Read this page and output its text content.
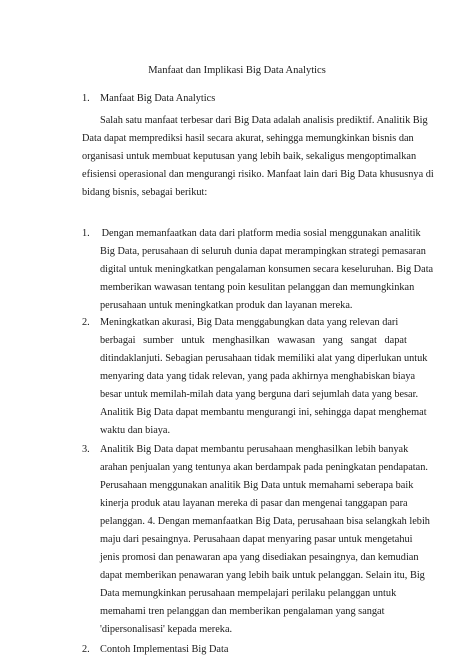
Manfaat dan Implikasi Big Data Analytics
1. Manfaat Big Data Analytics
Salah satu manfaat terbesar dari Big Data adalah analisis prediktif. Analitik Big
Data dapat memprediksi hasil secara akurat, sehingga memungkinkan bisnis dan
organisasi untuk membuat keputusan yang lebih baik, sekaligus mengoptimalkan
efisiensi operasional dan mengurangi risiko. Manfaat lain dari Big Data khususnya di
bidang bisnis, sebagai berikut:
1. Dengan memanfaatkan data dari platform media sosial menggunakan analitik
Big Data, perusahaan di seluruh dunia dapat merampingkan strategi pemasaran
digital untuk meningkatkan pengalaman konsumen secara keseluruhan. Big Data
memberikan wawasan tentang poin kesulitan pelanggan dan memungkinkan
perusahaan untuk meningkatkan produk dan layanan mereka.
2. Meningkatkan akurasi, Big Data menggabungkan data yang relevan dari
berbagai   sumber   untuk   menghasilkan   wawasan   yang   sangat   dapat
ditindaklanjuti. Sebagian perusahaan tidak memiliki alat yang diperlukan untuk
menyaring data yang tidak relevan, yang pada akhirnya menghabiskan biaya
besar untuk memilah-milah data yang berguna dari sejumlah data yang besar.
Analitik Big Data dapat membantu mengurangi ini, sehingga dapat menghemat
waktu dan biaya.
3. Analitik Big Data dapat membantu perusahaan menghasilkan lebih banyak
arahan penjualan yang tentunya akan berdampak pada peningkatan pendapatan.
Perusahaan menggunakan analitik Big Data untuk memahami seberapa baik
kinerja produk atau layanan mereka di pasar dan mengenai tanggapan para
pelanggan. 4. Dengan memanfaatkan Big Data, perusahaan bisa selangkah lebih
maju dari pesaingnya. Perusahaan dapat menyaring pasar untuk mengetahui
jenis promosi dan penawaran apa yang disediakan pesaingnya, dan kemudian
dapat memberikan penawaran yang lebih baik untuk pelanggan. Selain itu, Big
Data memungkinkan perusahaan mempelajari perilaku pelanggan untuk
memahami tren pelanggan dan memberikan pengalaman yang sangat
'dipersonalisasi' kepada mereka.
2. Contoh Implementasi Big Data
